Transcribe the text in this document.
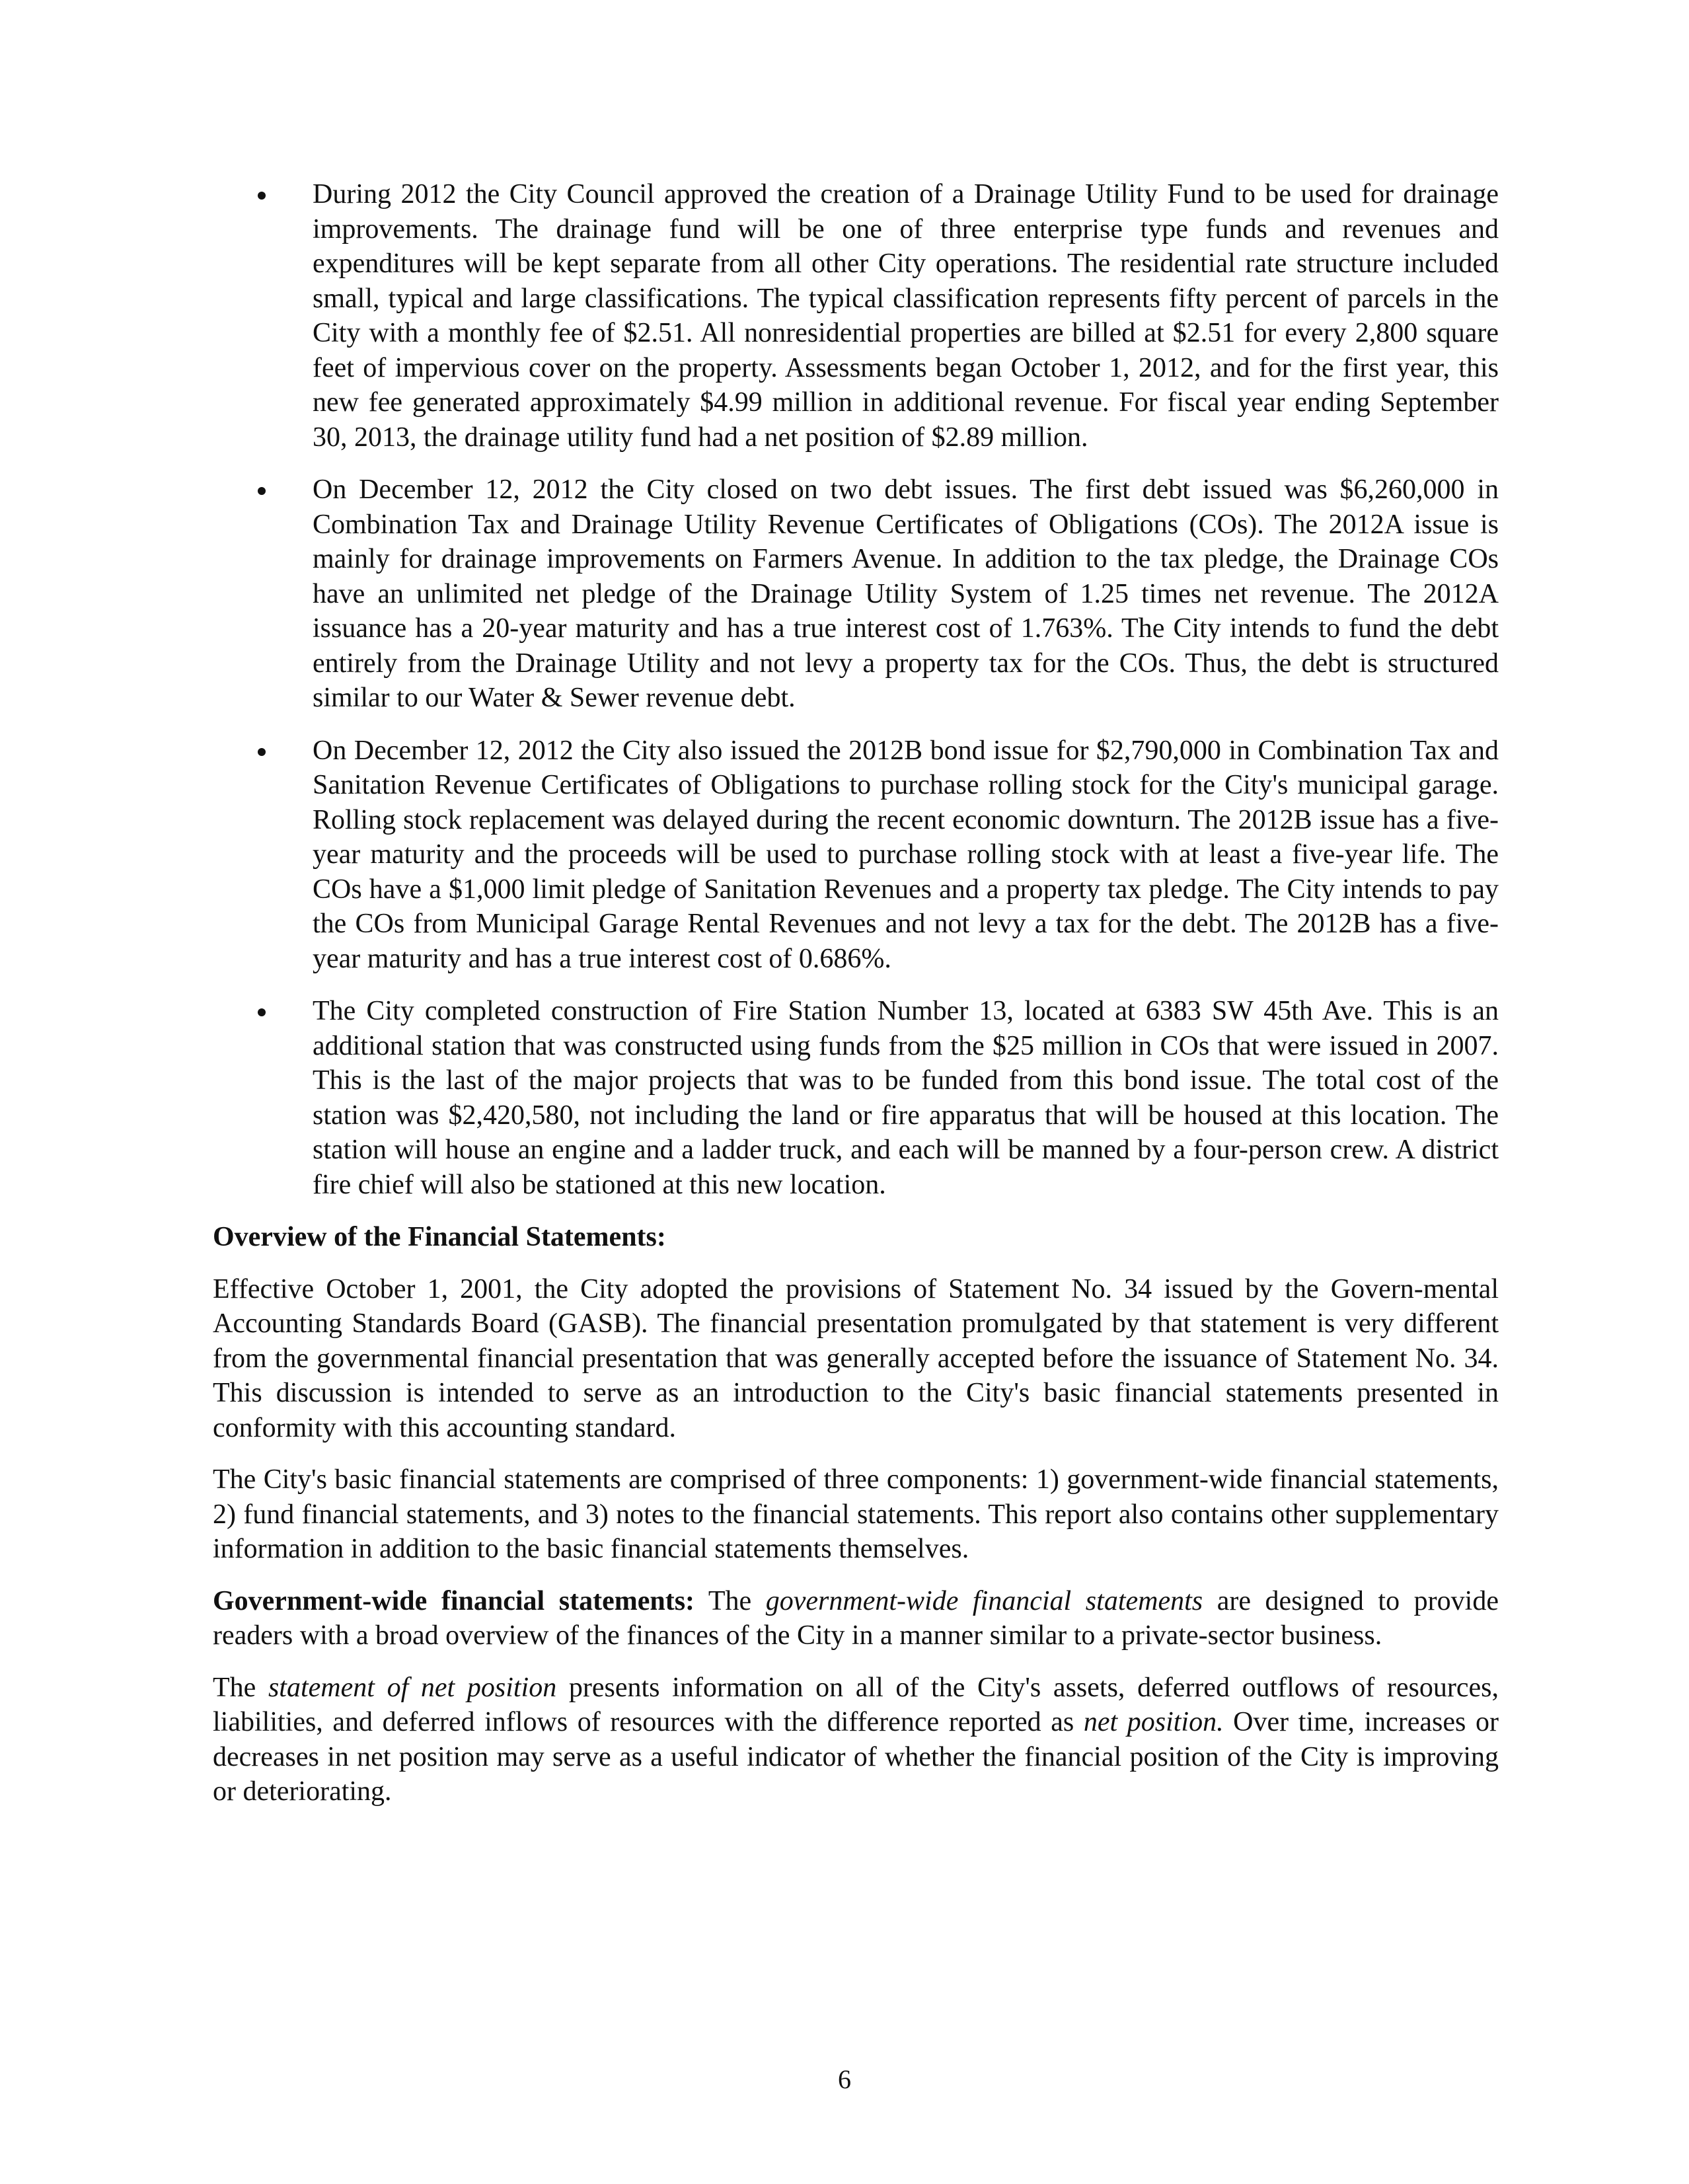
During 2012 the City Council approved the creation of a Drainage Utility Fund to be used for drainage improvements. The drainage fund will be one of three enterprise type funds and revenues and expenditures will be kept separate from all other City operations. The residential rate structure included small, typical and large classifications. The typical classification represents fifty percent of parcels in the City with a monthly fee of $2.51. All nonresidential properties are billed at $2.51 for every 2,800 square feet of impervious cover on the property. Assessments began October 1, 2012, and for the first year, this new fee generated approximately $4.99 million in additional revenue. For fiscal year ending September 30, 2013, the drainage utility fund had a net position of $2.89 million.
On December 12, 2012 the City closed on two debt issues. The first debt issued was $6,260,000 in Combination Tax and Drainage Utility Revenue Certificates of Obligations (COs). The 2012A issue is mainly for drainage improvements on Farmers Avenue. In addition to the tax pledge, the Drainage COs have an unlimited net pledge of the Drainage Utility System of 1.25 times net revenue. The 2012A issuance has a 20-year maturity and has a true interest cost of 1.763%. The City intends to fund the debt entirely from the Drainage Utility and not levy a property tax for the COs. Thus, the debt is structured similar to our Water & Sewer revenue debt.
On December 12, 2012 the City also issued the 2012B bond issue for $2,790,000 in Combination Tax and Sanitation Revenue Certificates of Obligations to purchase rolling stock for the City's municipal garage. Rolling stock replacement was delayed during the recent economic downturn. The 2012B issue has a five-year maturity and the proceeds will be used to purchase rolling stock with at least a five-year life. The COs have a $1,000 limit pledge of Sanitation Revenues and a property tax pledge. The City intends to pay the COs from Municipal Garage Rental Revenues and not levy a tax for the debt. The 2012B has a five-year maturity and has a true interest cost of 0.686%.
The City completed construction of Fire Station Number 13, located at 6383 SW 45th Ave. This is an additional station that was constructed using funds from the $25 million in COs that were issued in 2007. This is the last of the major projects that was to be funded from this bond issue. The total cost of the station was $2,420,580, not including the land or fire apparatus that will be housed at this location. The station will house an engine and a ladder truck, and each will be manned by a four-person crew. A district fire chief will also be stationed at this new location.
Overview of the Financial Statements:

Effective October 1, 2001, the City adopted the provisions of Statement No. 34 issued by the Govern-mental Accounting Standards Board (GASB). The financial presentation promulgated by that statement is very different from the governmental financial presentation that was generally accepted before the issuance of Statement No. 34. This discussion is intended to serve as an introduction to the City's basic financial statements presented in conformity with this accounting standard.

The City's basic financial statements are comprised of three components: 1) government-wide financial statements, 2) fund financial statements, and 3) notes to the financial statements. This report also contains other supplementary information in addition to the basic financial statements themselves.

Government-wide financial statements: The government-wide financial statements are designed to provide readers with a broad overview of the finances of the City in a manner similar to a private-sector business.

The statement of net position presents information on all of the City's assets, deferred outflows of resources, liabilities, and deferred inflows of resources with the difference reported as net position. Over time, increases or decreases in net position may serve as a useful indicator of whether the financial position of the City is improving or deteriorating.

6
